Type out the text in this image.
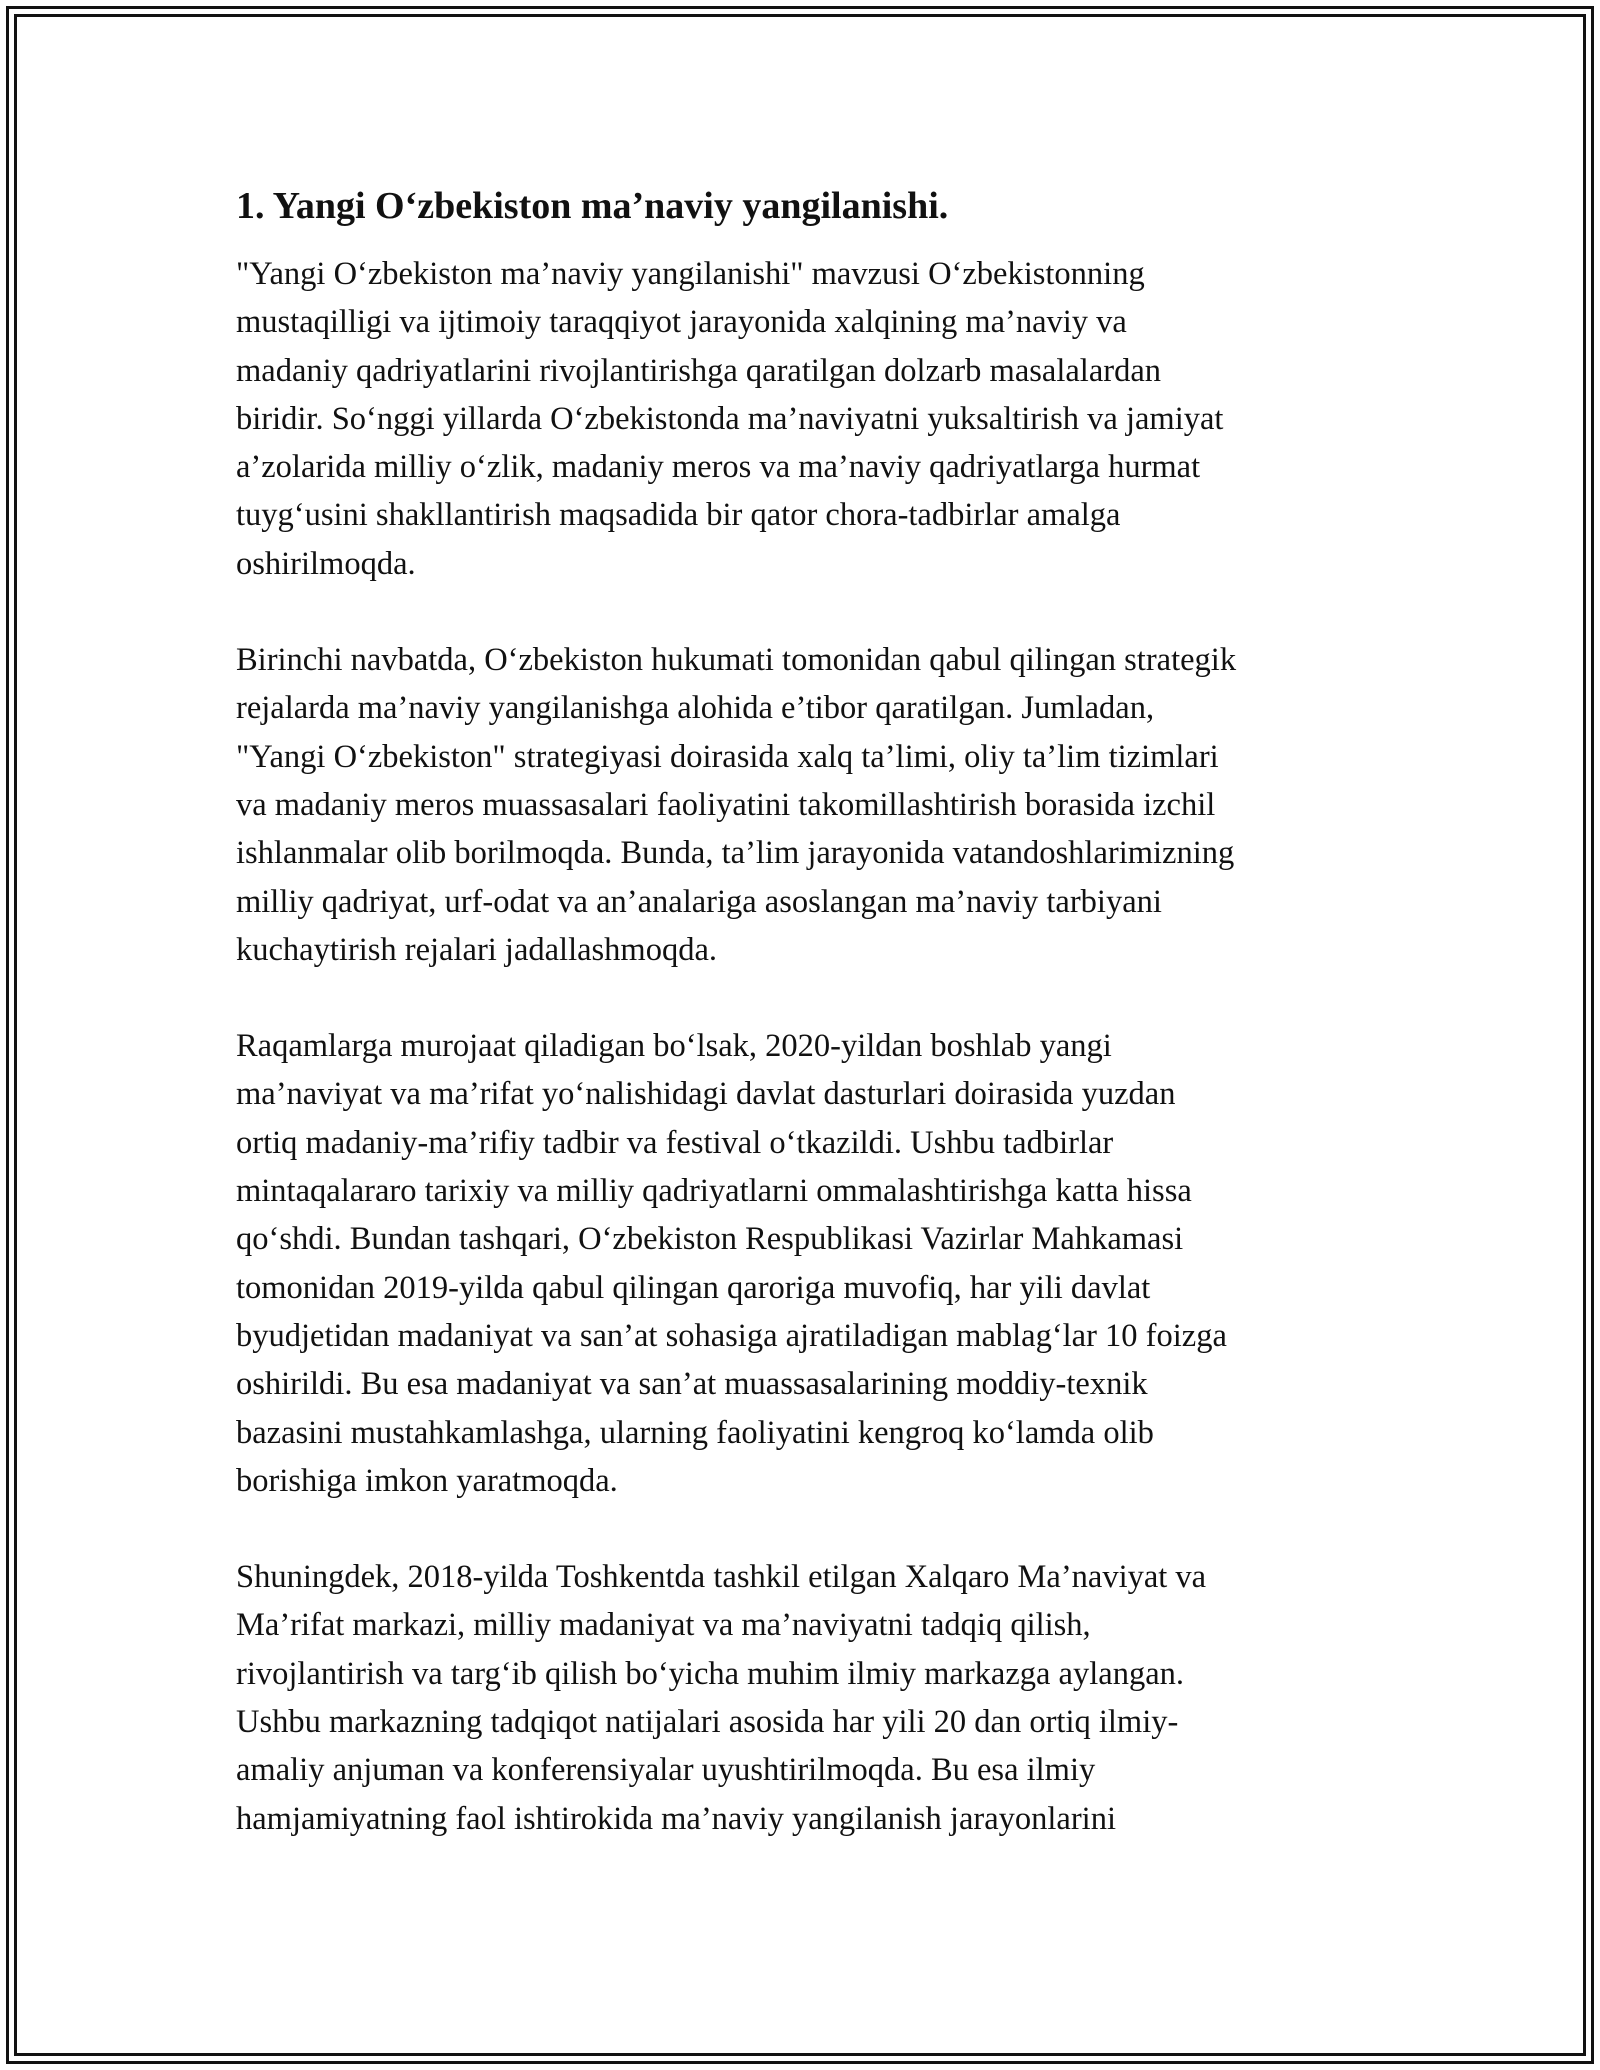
1. Yangi O‘zbekiston ma’naviy yangilanishi.

"Yangi O‘zbekiston ma’naviy yangilanishi" mavzusi O‘zbekistonning
mustaqilligi va ijtimoiy taraqqiyot jarayonida xalqining ma’naviy va
madaniy qadriyatlarini rivojlantirishga qaratilgan dolzarb masalalardan
biridir. So‘nggi yillarda O‘zbekistonda ma’naviyatni yuksaltirish va jamiyat
a’zolarida milliy o‘zlik, madaniy meros va ma’naviy qadriyatlarga hurmat
tuyg‘usini shakllantirish maqsadida bir qator chora-tadbirlar amalga
oshirilmoqda.

Birinchi navbatda, O‘zbekiston hukumati tomonidan qabul qilingan strategik
rejalarda ma’naviy yangilanishga alohida e’tibor qaratilgan. Jumladan,
"Yangi O‘zbekiston" strategiyasi doirasida xalq ta’limi, oliy ta’lim tizimlari
va madaniy meros muassasalari faoliyatini takomillashtirish borasida izchil
ishlanmalar olib borilmoqda. Bunda, ta’lim jarayonida vatandoshlarimizning
milliy qadriyat, urf-odat va an’analariga asoslangan ma’naviy tarbiyani
kuchaytirish rejalari jadallashmoqda.

Raqamlarga murojaat qiladigan bo‘lsak, 2020-yildan boshlab yangi
ma’naviyat va ma’rifat yo‘nalishidagi davlat dasturlari doirasida yuzdan
ortiq madaniy-ma’rifiy tadbir va festival o‘tkazildi. Ushbu tadbirlar
mintaqalararo tarixiy va milliy qadriyatlarni ommalashtirishga katta hissa
qo‘shdi. Bundan tashqari, O‘zbekiston Respublikasi Vazirlar Mahkamasi
tomonidan 2019-yilda qabul qilingan qaroriga muvofiq, har yili davlat
byudjetidan madaniyat va san’at sohasiga ajratiladigan mablag‘lar 10 foizga
oshirildi. Bu esa madaniyat va san’at muassasalarining moddiy-texnik
bazasini mustahkamlashga, ularning faoliyatini kengroq ko‘lamda olib
borishiga imkon yaratmoqda.

Shuningdek, 2018-yilda Toshkentda tashkil etilgan Xalqaro Ma’naviyat va
Ma’rifat markazi, milliy madaniyat va ma’naviyatni tadqiq qilish,
rivojlantirish va targ‘ib qilish bo‘yicha muhim ilmiy markazga aylangan.
Ushbu markazning tadqiqot natijalari asosida har yili 20 dan ortiq ilmiy-
amaliy anjuman va konferensiyalar uyushtirilmoqda. Bu esa ilmiy
hamjamiyatning faol ishtirokida ma’naviy yangilanish jarayonlarini
